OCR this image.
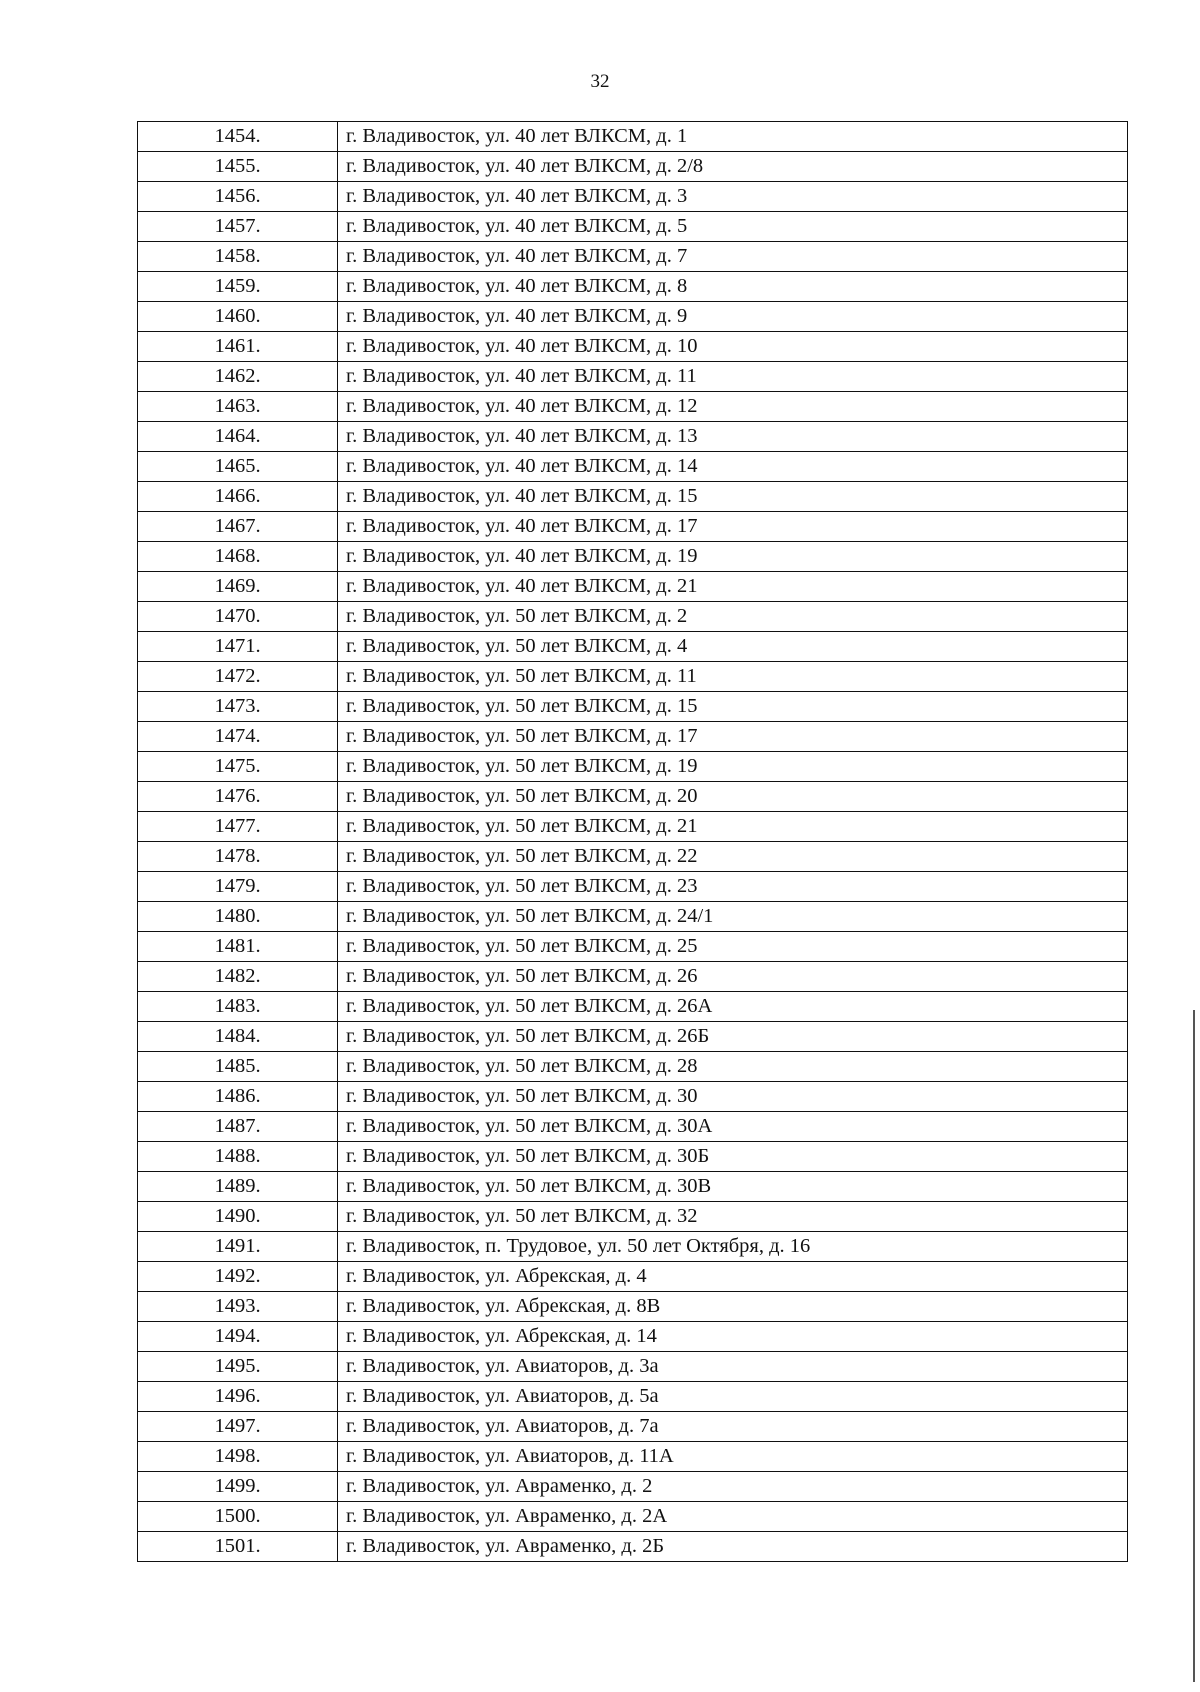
32
1454.	г. Владивосток, ул. 40 лет ВЛКСМ, д. 1
1455.	г. Владивосток, ул. 40 лет ВЛКСМ, д. 2/8
1456.	г. Владивосток, ул. 40 лет ВЛКСМ, д. 3
1457.	г. Владивосток, ул. 40 лет ВЛКСМ, д. 5
1458.	г. Владивосток, ул. 40 лет ВЛКСМ, д. 7
1459.	г. Владивосток, ул. 40 лет ВЛКСМ, д. 8
1460.	г. Владивосток, ул. 40 лет ВЛКСМ, д. 9
1461.	г. Владивосток, ул. 40 лет ВЛКСМ, д. 10
1462.	г. Владивосток, ул. 40 лет ВЛКСМ, д. 11
1463.	г. Владивосток, ул. 40 лет ВЛКСМ, д. 12
1464.	г. Владивосток, ул. 40 лет ВЛКСМ, д. 13
1465.	г. Владивосток, ул. 40 лет ВЛКСМ, д. 14
1466.	г. Владивосток, ул. 40 лет ВЛКСМ, д. 15
1467.	г. Владивосток, ул. 40 лет ВЛКСМ, д. 17
1468.	г. Владивосток, ул. 40 лет ВЛКСМ, д. 19
1469.	г. Владивосток, ул. 40 лет ВЛКСМ, д. 21
1470.	г. Владивосток, ул. 50 лет ВЛКСМ, д. 2
1471.	г. Владивосток, ул. 50 лет ВЛКСМ, д. 4
1472.	г. Владивосток, ул. 50 лет ВЛКСМ, д. 11
1473.	г. Владивосток, ул. 50 лет ВЛКСМ, д. 15
1474.	г. Владивосток, ул. 50 лет ВЛКСМ, д. 17
1475.	г. Владивосток, ул. 50 лет ВЛКСМ, д. 19
1476.	г. Владивосток, ул. 50 лет ВЛКСМ, д. 20
1477.	г. Владивосток, ул. 50 лет ВЛКСМ, д. 21
1478.	г. Владивосток, ул. 50 лет ВЛКСМ, д. 22
1479.	г. Владивосток, ул. 50 лет ВЛКСМ, д. 23
1480.	г. Владивосток, ул. 50 лет ВЛКСМ, д. 24/1
1481.	г. Владивосток, ул. 50 лет ВЛКСМ, д. 25
1482.	г. Владивосток, ул. 50 лет ВЛКСМ, д. 26
1483.	г. Владивосток, ул. 50 лет ВЛКСМ, д. 26А
1484.	г. Владивосток, ул. 50 лет ВЛКСМ, д. 26Б
1485.	г. Владивосток, ул. 50 лет ВЛКСМ, д. 28
1486.	г. Владивосток, ул. 50 лет ВЛКСМ, д. 30
1487.	г. Владивосток, ул. 50 лет ВЛКСМ, д. 30А
1488.	г. Владивосток, ул. 50 лет ВЛКСМ, д. 30Б
1489.	г. Владивосток, ул. 50 лет ВЛКСМ, д. 30В
1490.	г. Владивосток, ул. 50 лет ВЛКСМ, д. 32
1491.	г. Владивосток, п. Трудовое, ул. 50 лет Октября, д. 16
1492.	г. Владивосток, ул. Абрекская, д. 4
1493.	г. Владивосток, ул. Абрекская, д. 8В
1494.	г. Владивосток, ул. Абрекская, д. 14
1495.	г. Владивосток, ул. Авиаторов, д. 3а
1496.	г. Владивосток, ул. Авиаторов, д. 5а
1497.	г. Владивосток, ул. Авиаторов, д. 7а
1498.	г. Владивосток, ул. Авиаторов, д. 11А
1499.	г. Владивосток, ул. Авраменко, д. 2
1500.	г. Владивосток, ул. Авраменко, д. 2А
1501.	г. Владивосток, ул. Авраменко, д. 2Б
